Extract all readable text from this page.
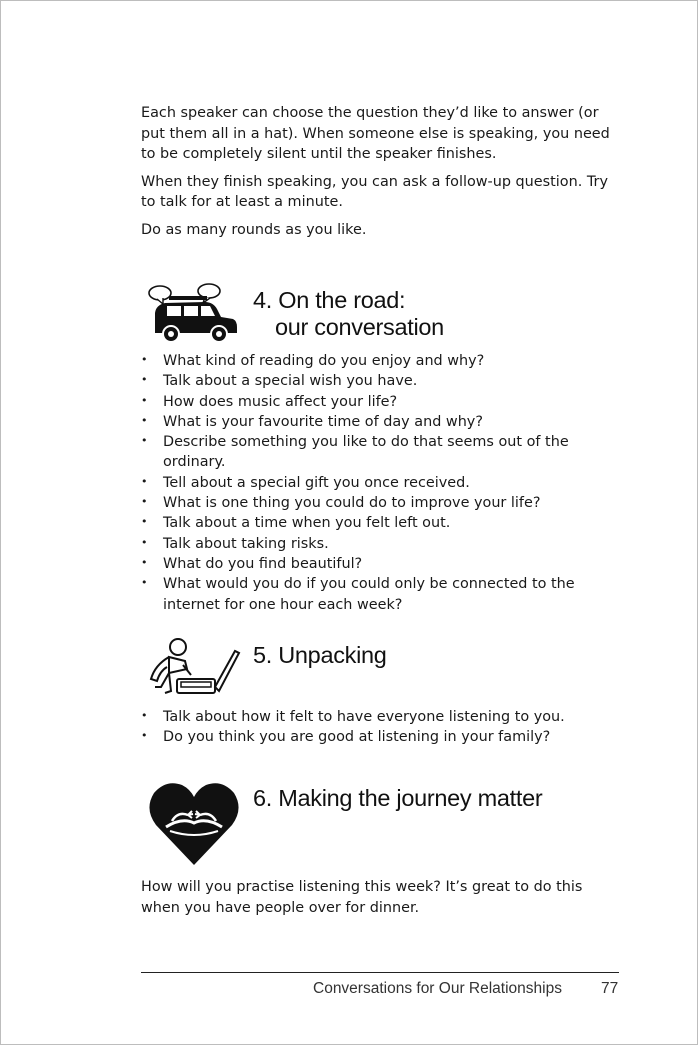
Each speaker can choose the question they’d like to answer (or put them all in a hat). When someone else is speaking, you need to be completely silent until the speaker finishes.

When they finish speaking, you can ask a follow-up question. Try to talk for at least a minute.

Do as many rounds as you like.

4. On the road:
our conversation
• What kind of reading do you enjoy and why?
• Talk about a special wish you have.
• How does music affect your life?
• What is your favourite time of day and why?
• Describe something you like to do that seems out of the ordinary.
• Tell about a special gift you once received.
• What is one thing you could do to improve your life?
• Talk about a time when you felt left out.
• Talk about taking risks.
• What do you find beautiful?
• What would you do if you could only be connected to the internet for one hour each week?
5. Unpacking
• Talk about how it felt to have everyone listening to you.
• Do you think you are good at listening in your family?
6. Making the journey matter

How will you practise listening this week? It’s great to do this when you have people over for dinner.

Conversations for Our Relationships	77
